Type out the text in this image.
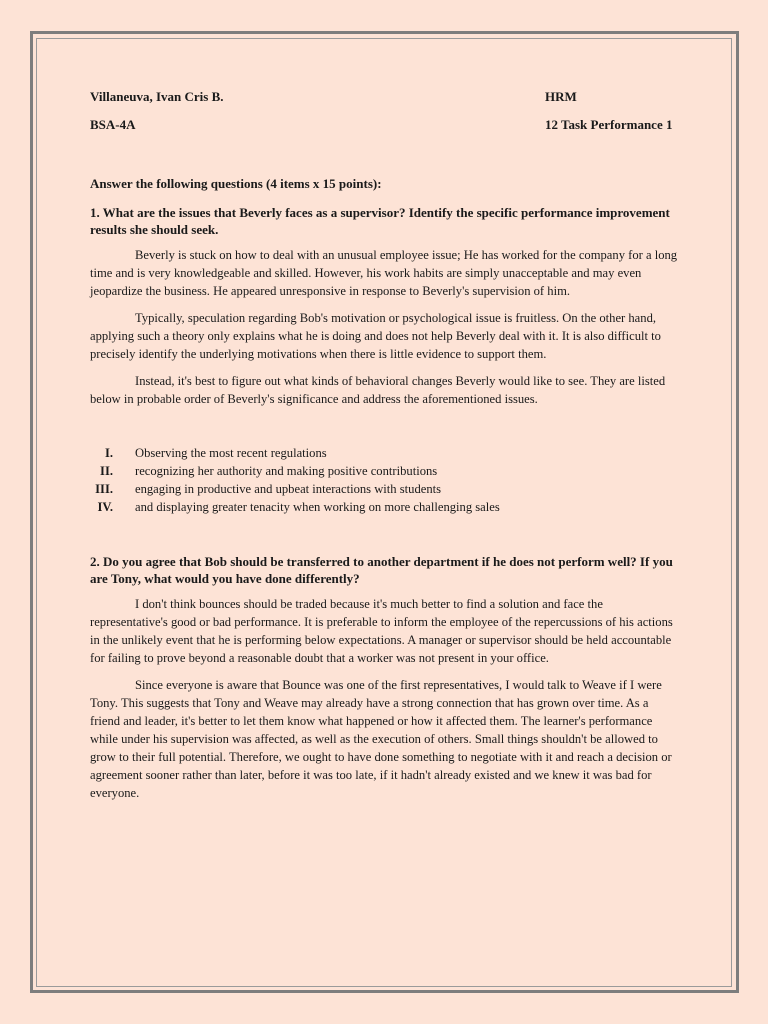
Villaneuva, Ivan Cris B.	HRM
BSA-4A	12 Task Performance 1
Answer the following questions (4 items x 15 points):
1. What are the issues that Beverly faces as a supervisor? Identify the specific performance improvement results she should seek.

Beverly is stuck on how to deal with an unusual employee issue; He has worked for the company for a long time and is very knowledgeable and skilled. However, his work habits are simply unacceptable and may even jeopardize the business. He appeared unresponsive in response to Beverly's supervision of him.

Typically, speculation regarding Bob's motivation or psychological issue is fruitless. On the other hand, applying such a theory only explains what he is doing and does not help Beverly deal with it. It is also difficult to precisely identify the underlying motivations when there is little evidence to support them.

Instead, it's best to figure out what kinds of behavioral changes Beverly would like to see. They are listed below in probable order of Beverly's significance and address the aforementioned issues.

I.	Observing the most recent regulations
II.	recognizing her authority and making positive contributions
III.	engaging in productive and upbeat interactions with students
IV.	and displaying greater tenacity when working on more challenging sales
2. Do you agree that Bob should be transferred to another department if he does not perform well? If you are Tony, what would you have done differently?

I don't think bounces should be traded because it's much better to find a solution and face the representative's good or bad performance. It is preferable to inform the employee of the repercussions of his actions in the unlikely event that he is performing below expectations. A manager or supervisor should be held accountable for failing to prove beyond a reasonable doubt that a worker was not present in your office.

Since everyone is aware that Bounce was one of the first representatives, I would talk to Weave if I were Tony. This suggests that Tony and Weave may already have a strong connection that has grown over time. As a friend and leader, it's better to let them know what happened or how it affected them. The learner's performance while under his supervision was affected, as well as the execution of others. Small things shouldn't be allowed to grow to their full potential. Therefore, we ought to have done something to negotiate with it and reach a decision or agreement sooner rather than later, before it was too late, if it hadn't already existed and we knew it was bad for everyone.
